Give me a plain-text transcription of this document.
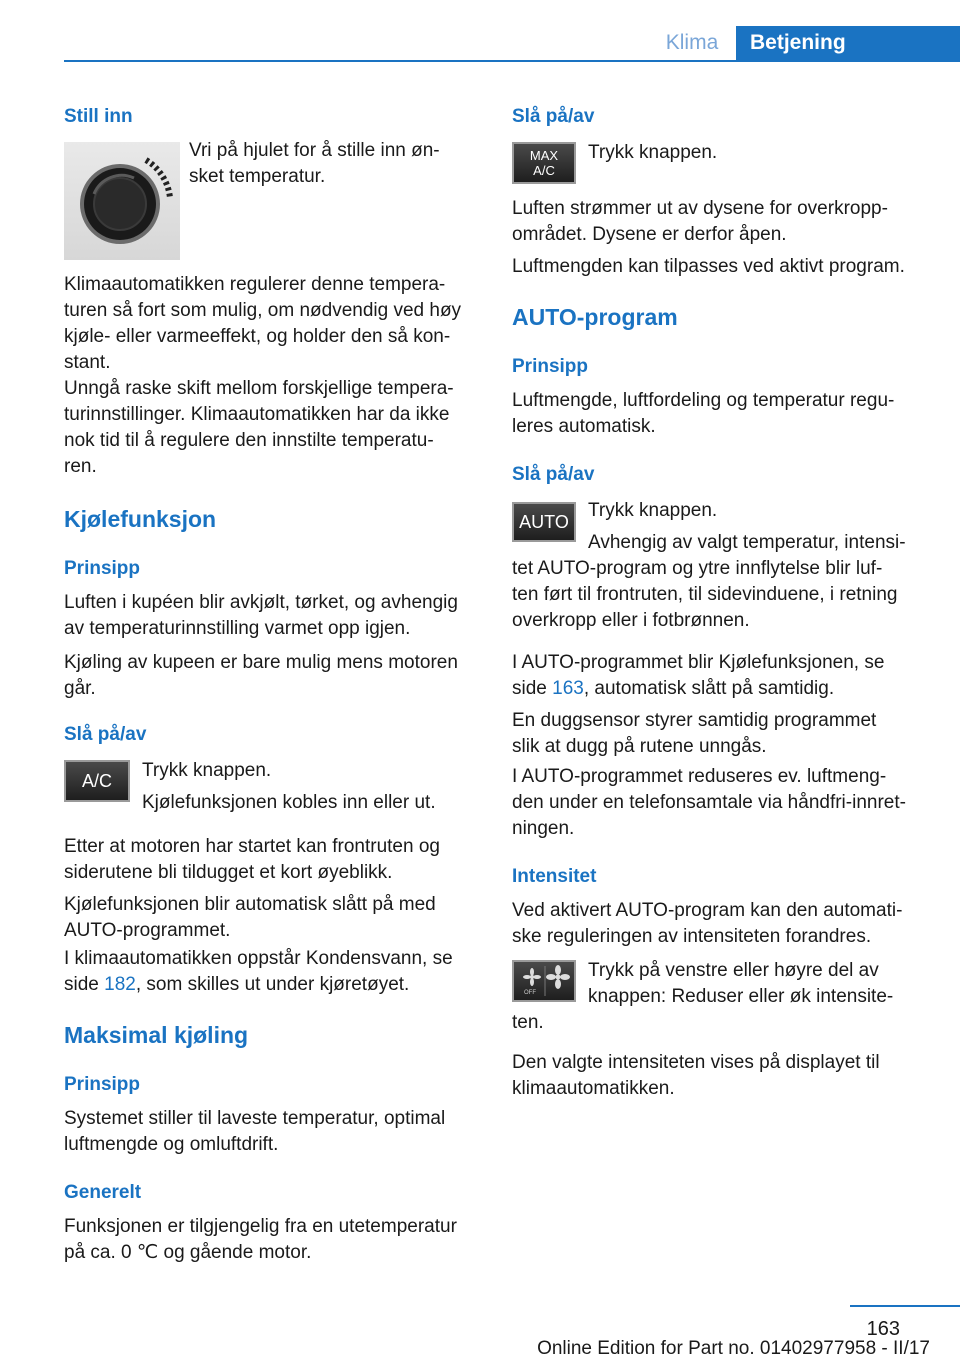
Klima	Betjening
Still inn
Vri på hjulet for å stille inn øn-
sket temperatur.
Klimaautomatikken regulerer denne tempera-
turen så fort som mulig, om nødvendig ved høy
kjøle- eller varmeeffekt, og holder den så kon-
stant.
Unngå raske skift mellom forskjellige tempera-
turinnstillinger. Klimaautomatikken har da ikke
nok tid til å regulere den innstilte temperatu-
ren.
Kjølefunksjon
Prinsipp
Luften i kupéen blir avkjølt, tørket, og avhengig
av temperaturinnstilling varmet opp igjen.
Kjøling av kupeen er bare mulig mens motoren
går.
Slå på/av
A/C	Trykk knappen.
Kjølefunksjonen kobles inn eller ut.
Etter at motoren har startet kan frontruten og
siderutene bli tildugget et kort øyeblikk.
Kjølefunksjonen blir automatisk slått på med
AUTO-programmet.
I klimaautomatikken oppstår Kondensvann, se
side 182, som skilles ut under kjøretøyet.
Maksimal kjøling
Prinsipp
Systemet stiller til laveste temperatur, optimal
luftmengde og omluftdrift.
Generelt
Funksjonen er tilgjengelig fra en utetemperatur
på ca. 0 ℃ og gående motor.
Slå på/av
MAX
A/C
Trykk knappen.
Luften strømmer ut av dysene for overkropp-
området. Dysene er derfor åpen.
Luftmengden kan tilpasses ved aktivt program.
AUTO-program
Prinsipp
Luftmengde, luftfordeling og temperatur regu-
leres automatisk.
Slå på/av
AUTO
Trykk knappen.
Avhengig av valgt temperatur, intensi-
tet AUTO-program og ytre innflytelse blir luf-
ten ført til frontruten, til sidevinduene, i retning
overkropp eller i fotbrønnen.
I AUTO-programmet blir Kjølefunksjonen, se
side 163, automatisk slått på samtidig.
En duggsensor styrer samtidig programmet
slik at dugg på rutene unngås.
I AUTO-programmet reduseres ev. luftmeng-
den under en telefonsamtale via håndfri-innret-
ningen.
Intensitet
Ved aktivert AUTO-program kan den automati-
ske reguleringen av intensiteten forandres.
OFF
Trykk på venstre eller høyre del av
knappen: Reduser eller øk intensite-
ten.
Den valgte intensiteten vises på displayet til
klimaautomatikken.
163
Online Edition for Part no. 01402977958 - II/17
